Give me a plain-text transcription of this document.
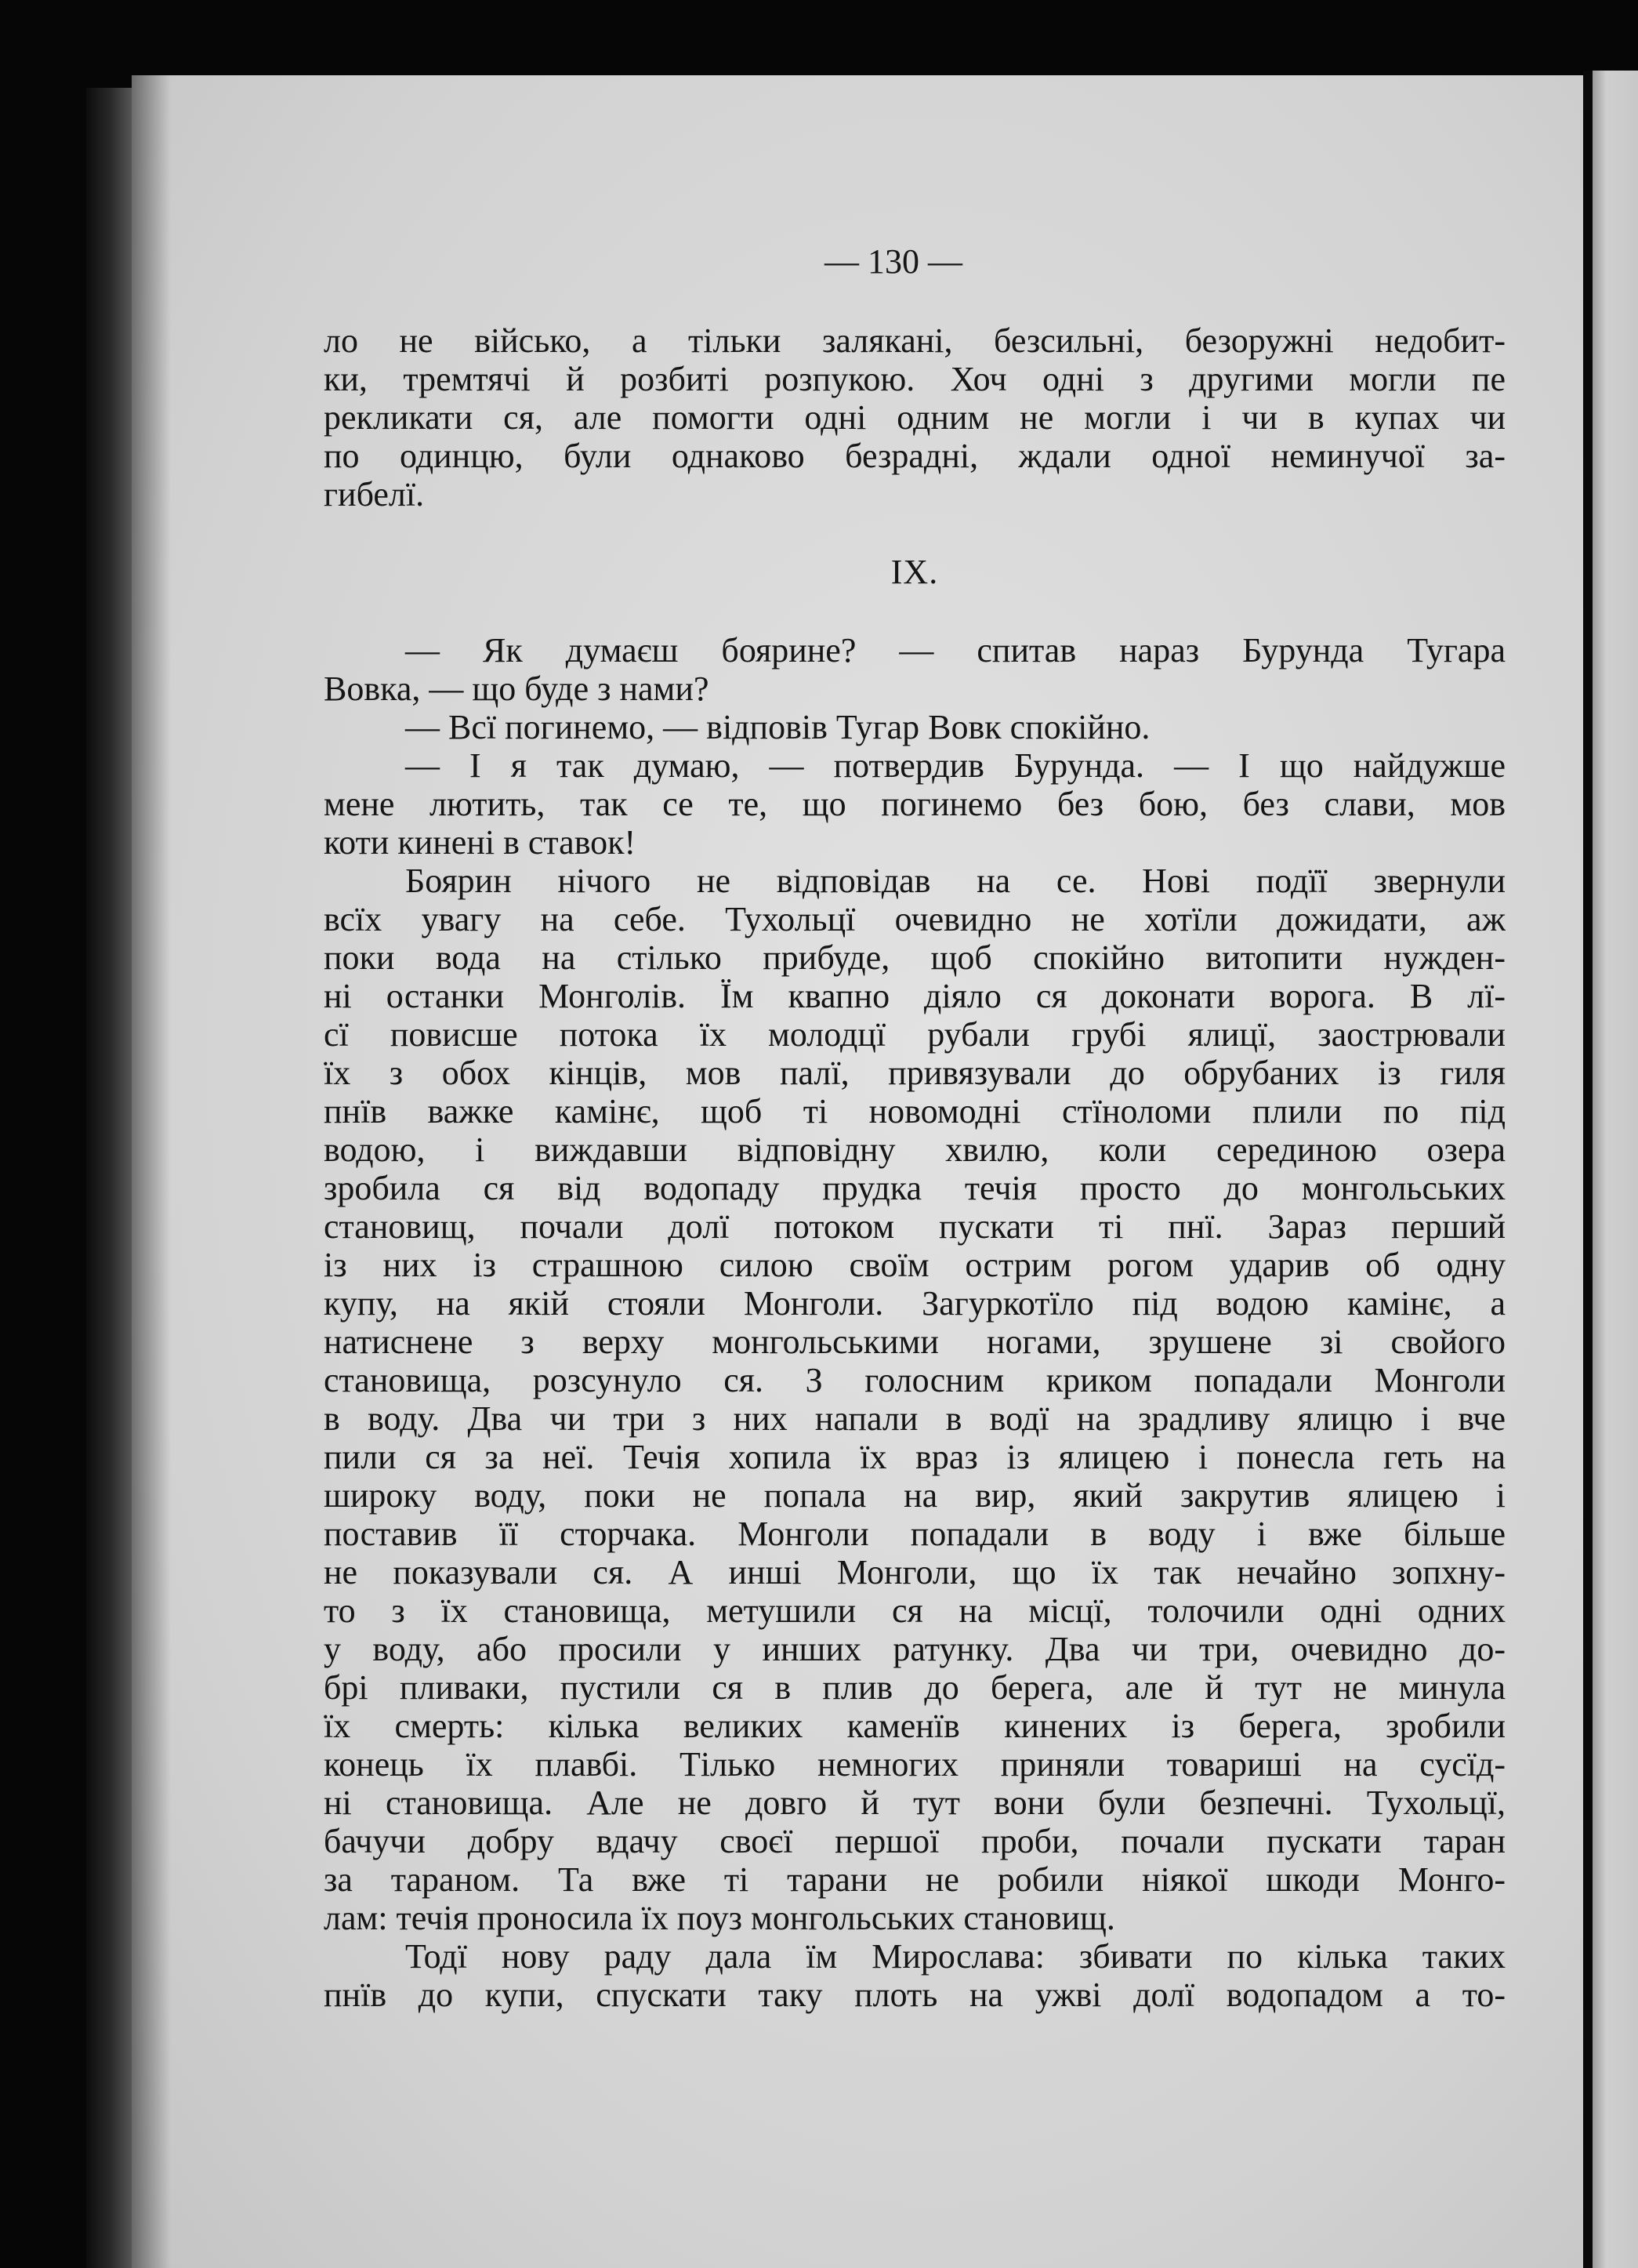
— 130 —
ло не військо, а тільки залякані, безсильні, безоружні недобит-
ки, тремтячі й розбиті розпукою. Хоч одні з другими могли пе
рекликати ся, але помогти одні одним не могли і чи в купах чи
по одинцю, були однаково безрадні, ждали одної неминучої за-
гибелї.
IX.
— Як думаєш боярине? — спитав нараз Бурунда Тугара
Вовка, — що буде з нами?
— Всї погинемо, — відповів Тугар Вовк спокійно.
— І я так думаю, — потвердив Бурунда. — І що найдужше
мене лютить, так се те, що погинемо без бою, без слави, мов
коти кинені в ставок!
Боярин нічого не відповідав на се. Нові подїї звернули
всїх увагу на себе. Тухольцї очевидно не хотїли дожидати, аж
поки вода на стілько прибуде, щоб спокійно витопити нужден-
ні останки Монголів. Їм квапно діяло ся доконати ворога. В лї-
сї повисше потока їх молодцї рубали грубі ялицї, заострювали
їх з обох кінців, мов палї, привязували до обрубаних із гиля
пнїв важке камінє, щоб ті новомодні стїноломи плили по під
водою, і виждавши відповідну хвилю, коли серединою озера
зробила ся від водопаду прудка течія просто до монгольських
становищ, почали долї потоком пускати ті пнї. Зараз перший
із них із страшною силою своїм острим рогом ударив об одну
купу, на якій стояли Монголи. Загуркотїло під водою камінє, а
натиснене з верху монгольськими ногами, зрушене зі свойого
становища, розсунуло ся. З голосним криком попадали Монголи
в воду. Два чи три з них напали в водї на зрадливу ялицю і вче
пили ся за неї. Течія хопила їх враз із ялицею і понесла геть на
широку воду, поки не попала на вир, який закрутив ялицею і
поставив її сторчака. Монголи попадали в воду і вже більше
не показували ся. А инші Монголи, що їх так нечайно зопхну-
то з їх становища, метушили ся на місцї, толочили одні одних
у воду, або просили у инших ратунку. Два чи три, очевидно до-
брі пливаки, пустили ся в плив до берега, але й тут не минула
їх смерть: кілька великих каменїв кинених із берега, зробили
конець їх плавбі. Тілько немногих приняли товариші на сусїд-
ні становища. Але не довго й тут вони були безпечні. Тухольцї,
бачучи добру вдачу своєї першої проби, почали пускати таран
за тараном. Та вже ті тарани не робили ніякої шкоди Монго-
лам: течія проносила їх поуз монгольських становищ.
Тодї нову раду дала їм Мирослава: збивати по кілька таких
пнїв до купи, спускати таку плоть на ужві долї водопадом а то-
